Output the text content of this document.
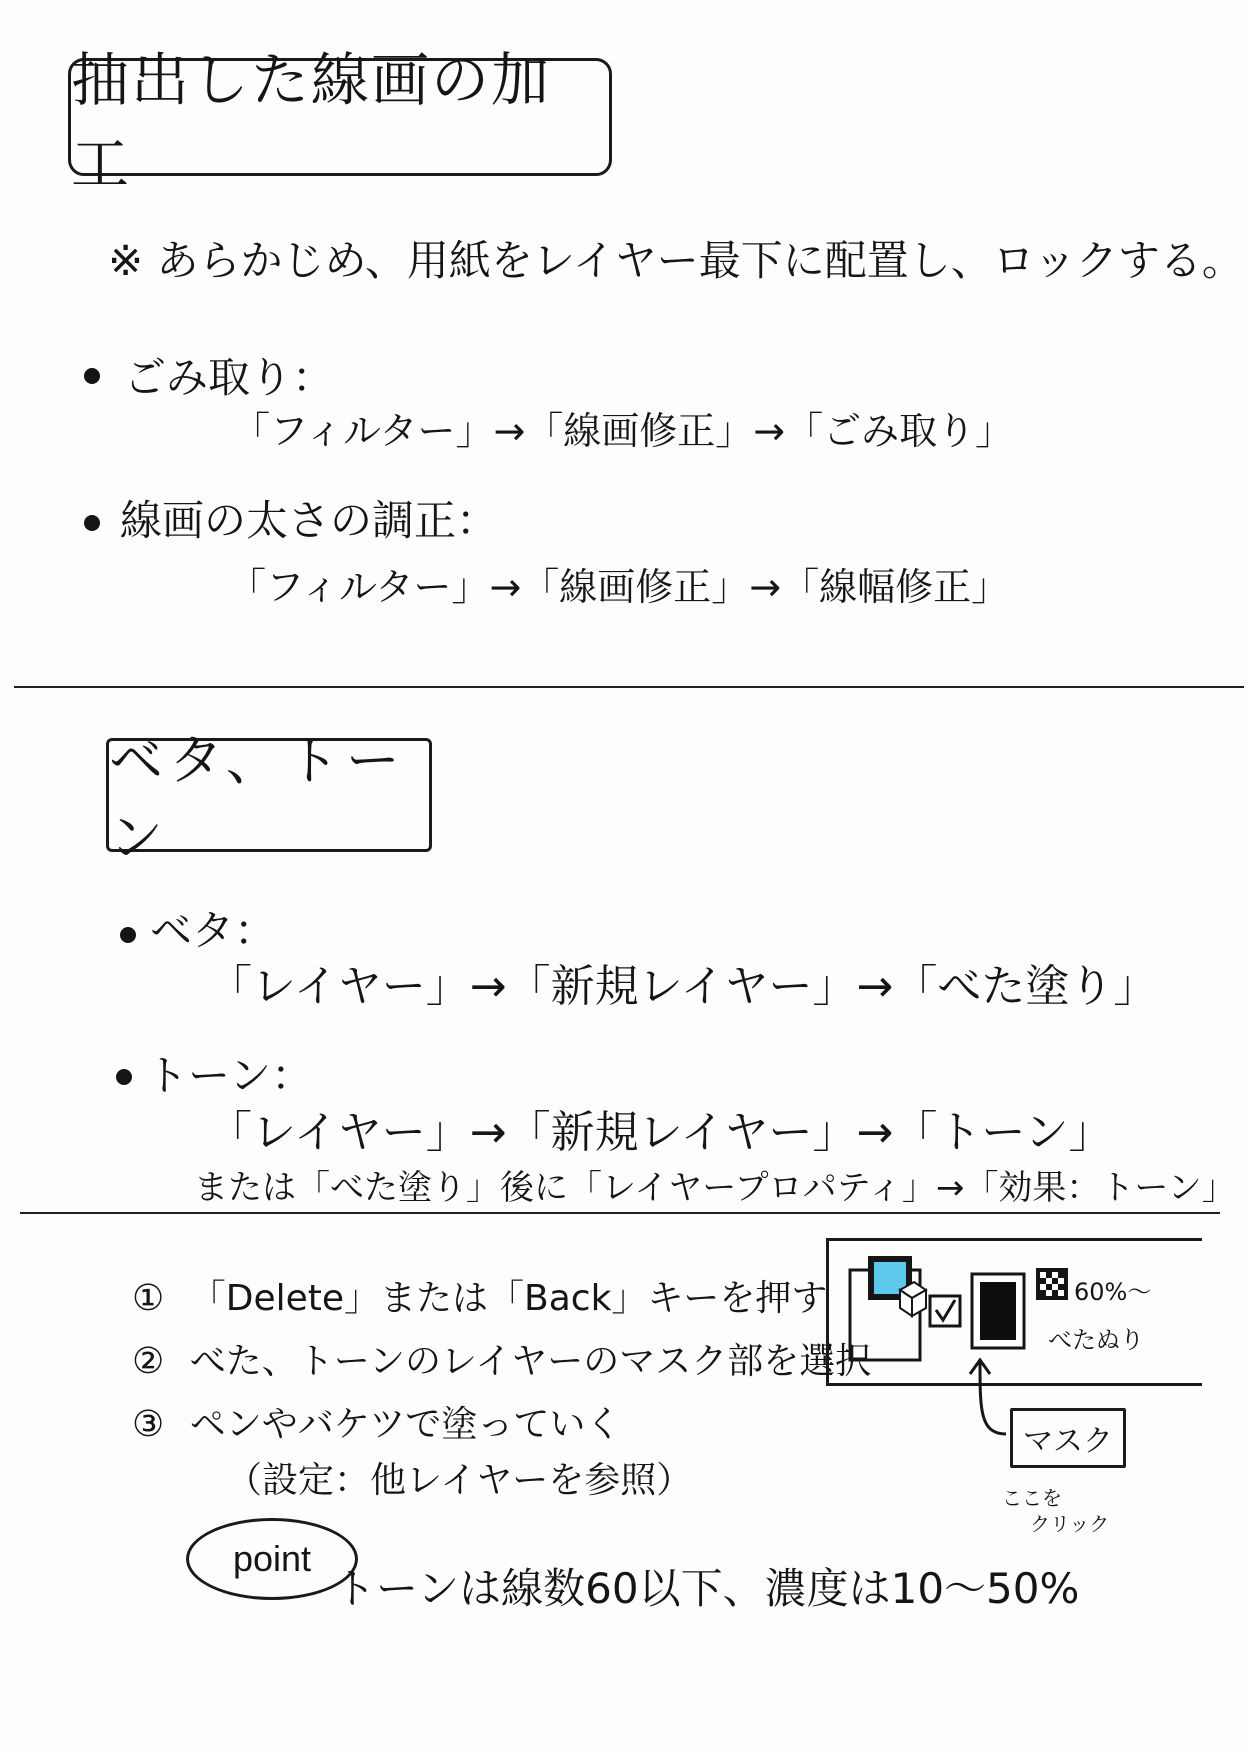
抽出した線画の加工
※ あらかじめ、用紙をレイヤー最下に配置し、ロックする。
ごみ取り：
「フィルター」→「線画修正」→「ごみ取り」
線画の太さの調正：
「フィルター」→「線画修正」→「線幅修正」
ベタ、トーン
ベタ：
「レイヤー」→「新規レイヤー」→「べた塗り」
トーン：
「レイヤー」→「新規レイヤー」→「トーン」
または「べた塗り」後に「レイヤープロパティ」→「効果：トーン」
① 「Delete」または「Back」キーを押す
② べた、トーンのレイヤーのマスク部を選択
③ ペンやバケツで塗っていく
（設定：他レイヤーを参照）
point
トーンは線数60以下、濃度は10～50%
60%～
べたぬり
マスク
ここを
クリック
